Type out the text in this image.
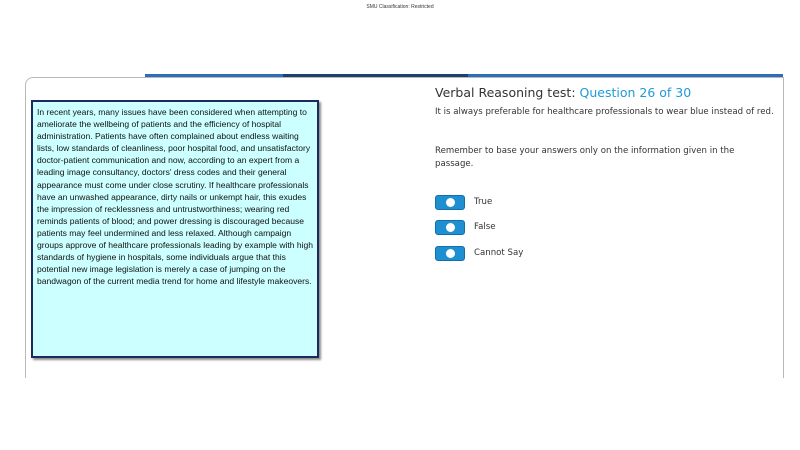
SMU Classification: Restricted
In recent years, many issues have been considered when attempting to ameliorate the wellbeing of patients and the efficiency of hospital administration. Patients have often complained about endless waiting lists, low standards of cleanliness, poor hospital food, and unsatisfactory doctor-patient communication and now, according to an expert from a leading image consultancy, doctors' dress codes and their general appearance must come under close scrutiny. If healthcare professionals have an unwashed appearance, dirty nails or unkempt hair, this exudes the impression of recklessness and untrustworthiness; wearing red reminds patients of blood; and power dressing is discouraged because patients may feel undermined and less relaxed. Although campaign groups approve of healthcare professionals leading by example with high standards of hygiene in hospitals, some individuals argue that this potential new image legislation is merely a case of jumping on the bandwagon of the current media trend for home and lifestyle makeovers.
Verbal Reasoning test: Question 26 of 30
It is always preferable for healthcare professionals to wear blue instead of red.
Remember to base your answers only on the information given in the passage.
True
False
Cannot Say
